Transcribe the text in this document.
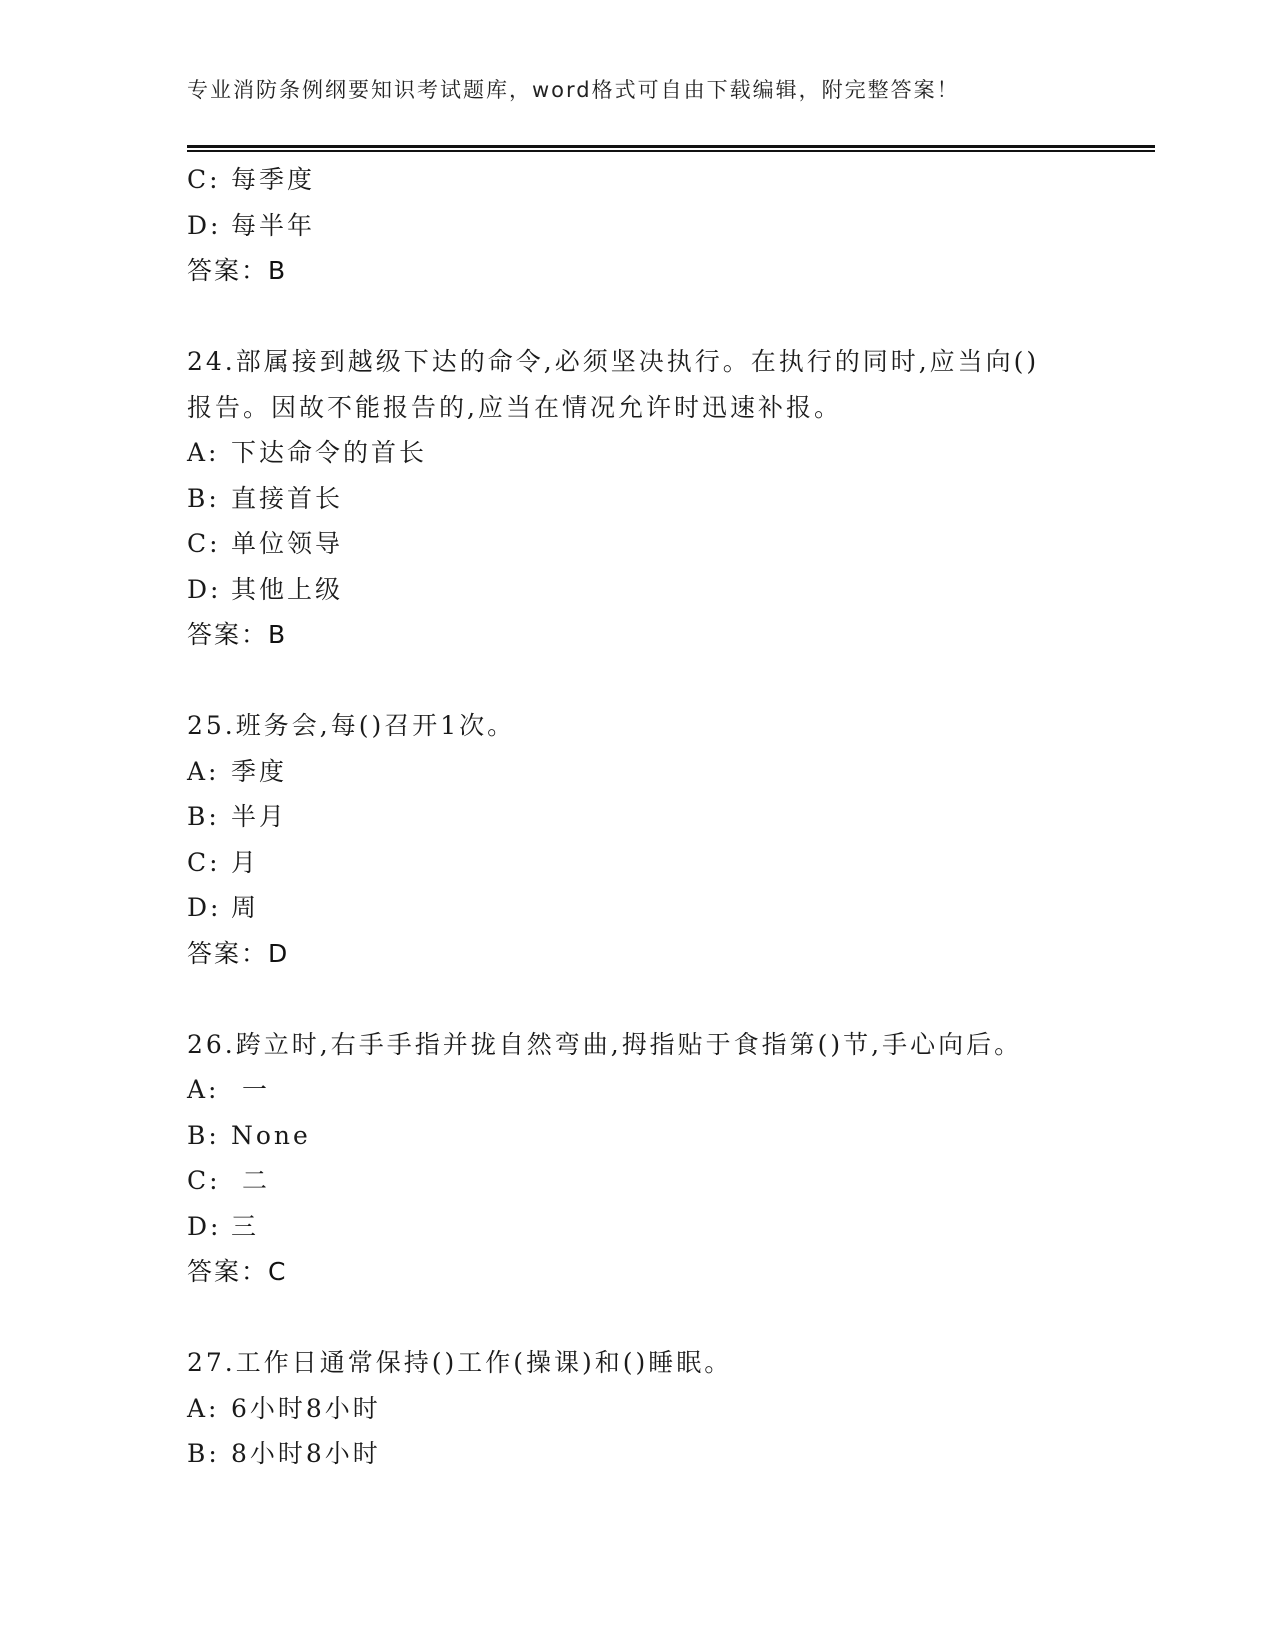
专业消防条例纲要知识考试题库，word格式可自由下载编辑，附完整答案！
C: 每季度
D: 每半年
答案：B
24.部属接到越级下达的命令,必须坚决执行。在执行的同时,应当向()
报告。因故不能报告的,应当在情况允许时迅速补报。
A: 下达命令的首长
B: 直接首长
C: 单位领导
D: 其他上级
答案：B
25.班务会,每()召开1次。
A: 季度
B: 半月
C: 月
D: 周
答案：D
26.跨立时,右手手指并拢自然弯曲,拇指贴于食指第()节,手心向后。
A: 一
B: None
C: 二
D: 三
答案：C
27.工作日通常保持()工作(操课)和()睡眠。
A: 6小时8小时
B: 8小时8小时
